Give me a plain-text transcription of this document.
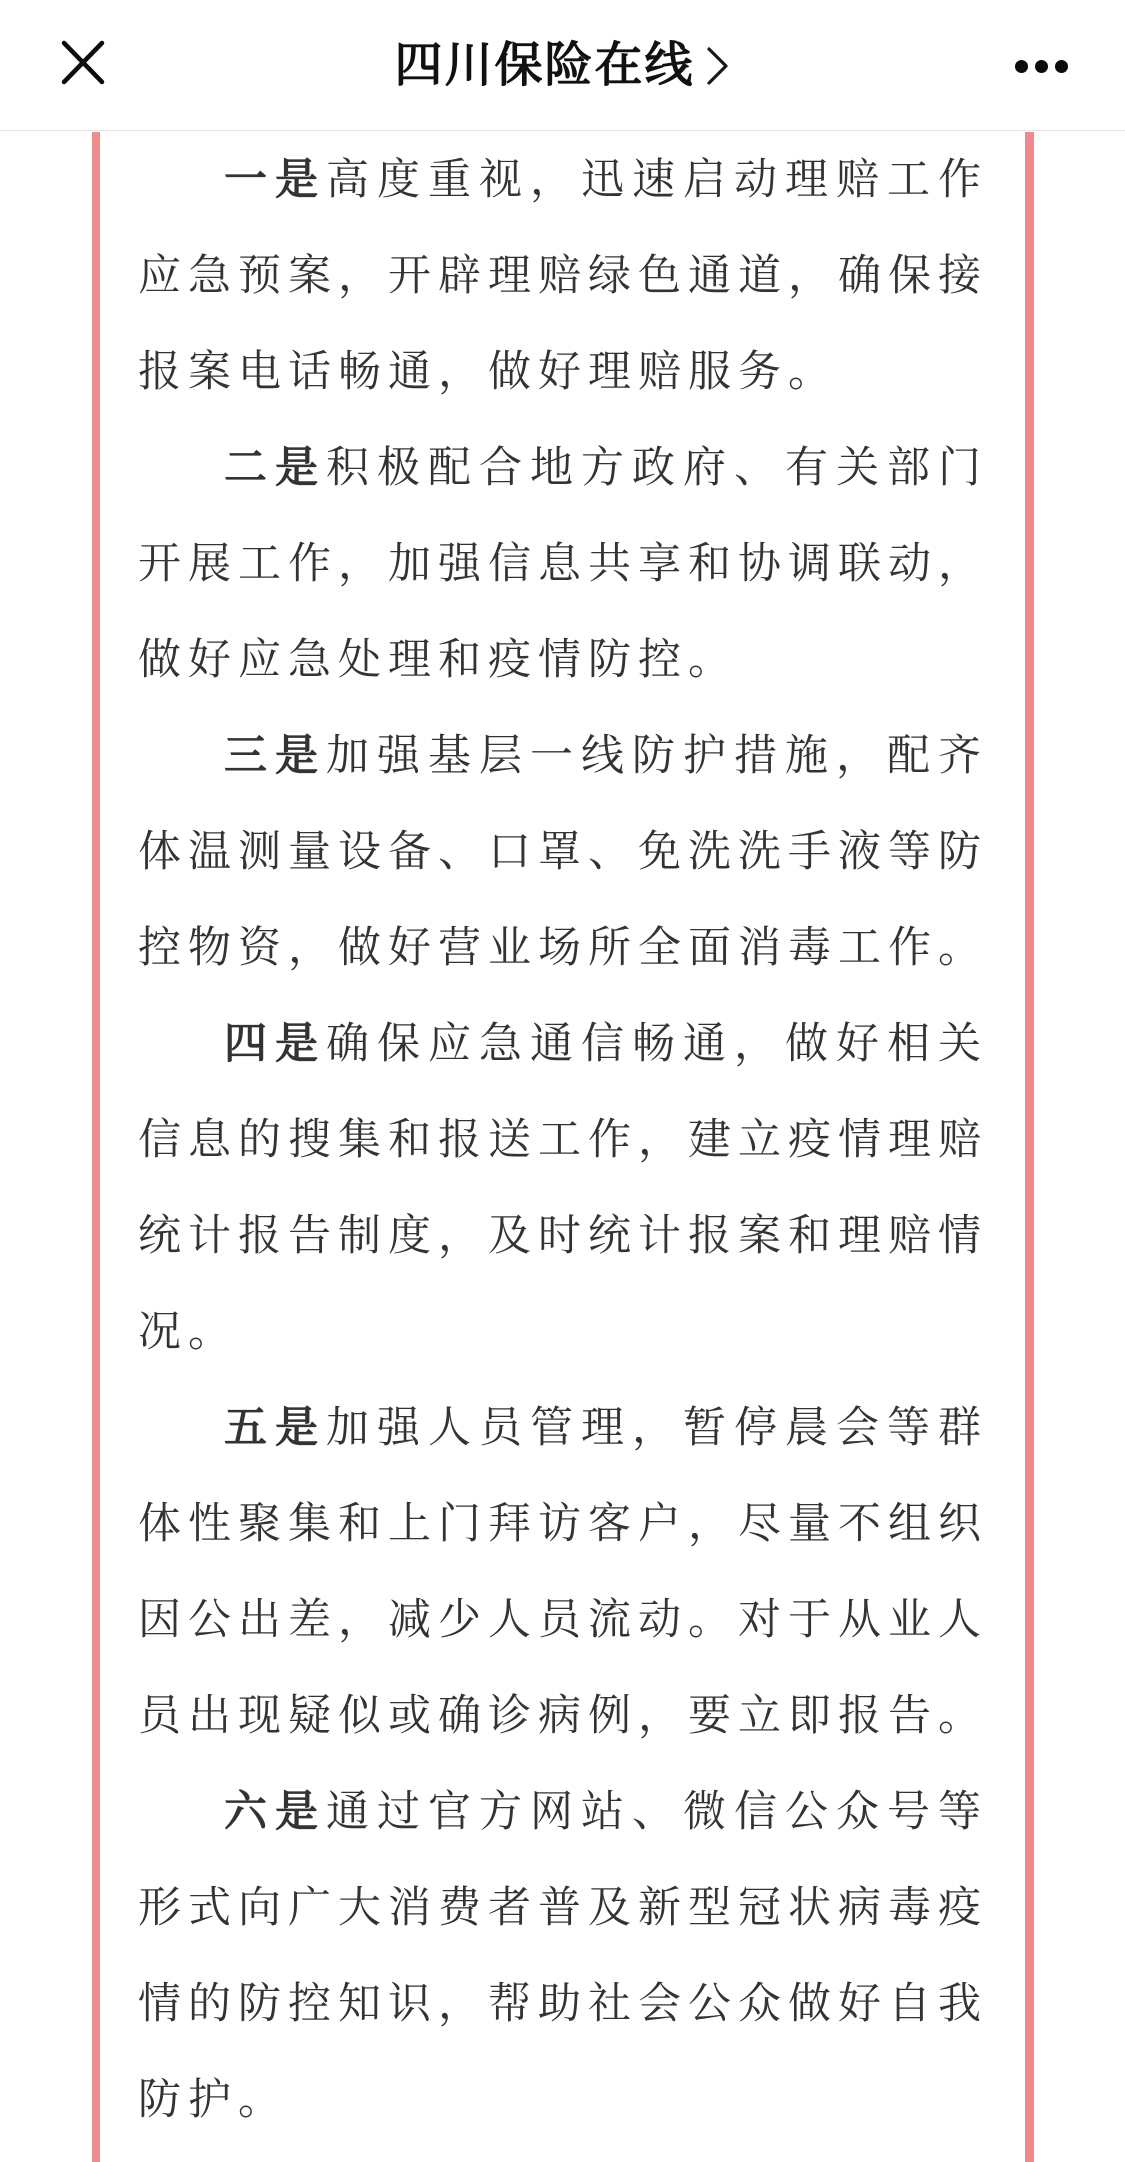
四川保险在线

一是高度重视，迅速启动理赔工作应急预案，开辟理赔绿色通道，确保接报案电话畅通，做好理赔服务。

二是积极配合地方政府、有关部门开展工作，加强信息共享和协调联动，做好应急处理和疫情防控。

三是加强基层一线防护措施，配齐体温测量设备、口罩、免洗洗手液等防控物资，做好营业场所全面消毒工作。

四是确保应急通信畅通，做好相关信息的搜集和报送工作，建立疫情理赔统计报告制度，及时统计报案和理赔情况。

五是加强人员管理，暂停晨会等群体性聚集和上门拜访客户，尽量不组织因公出差，减少人员流动。对于从业人员出现疑似或确诊病例，要立即报告。

六是通过官方网站、微信公众号等形式向广大消费者普及新型冠状病毒疫情的防控知识，帮助社会公众做好自我防护。
